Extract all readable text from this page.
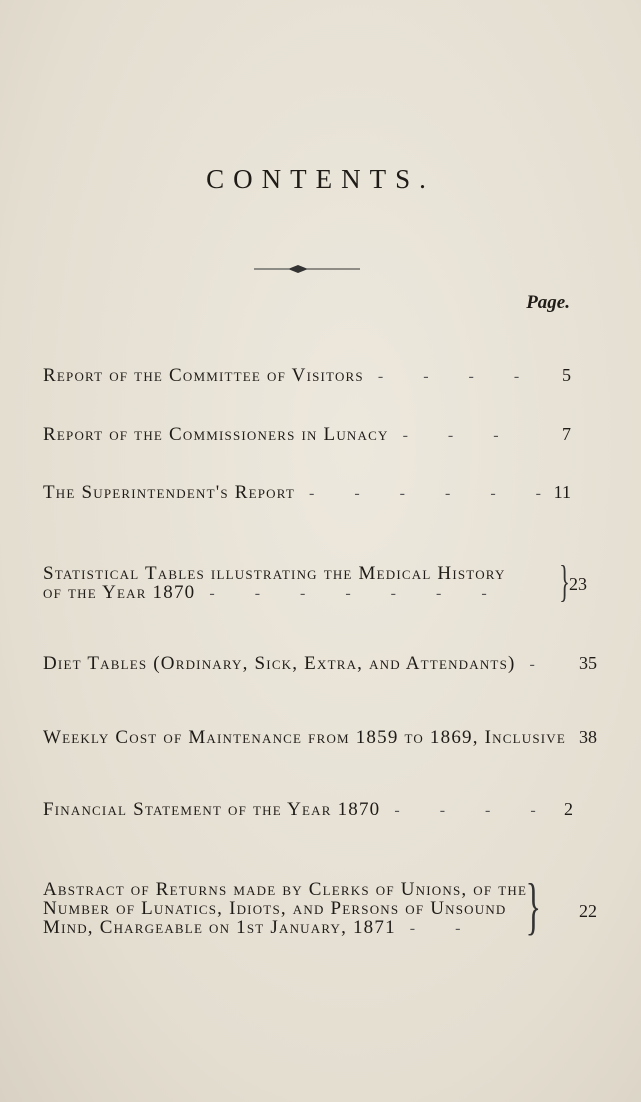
CONTENTS.
Page.
Report of the Committee of Visitors - - - - 5
Report of the Commissioners in Lunacy - - -	7
The Superintendent's Report - - - - - -
11
Statistical Tables illustrating the Medical History
of the Year 1870 - - - - - - -	} 23
Diet Tables (Ordinary, Sick, Extra, and Attendants) - 35
Weekly Cost of Maintenance from 1859 to 1869, Inclusive 38
Financial Statement of the Year 1870 - - - - 2
Abstract of Returns made by Clerks of Unions, of the
Number of Lunatics, Idiots, and Persons of Unsound
Mind, Chargeable on 1st January, 1871 - - } 22
